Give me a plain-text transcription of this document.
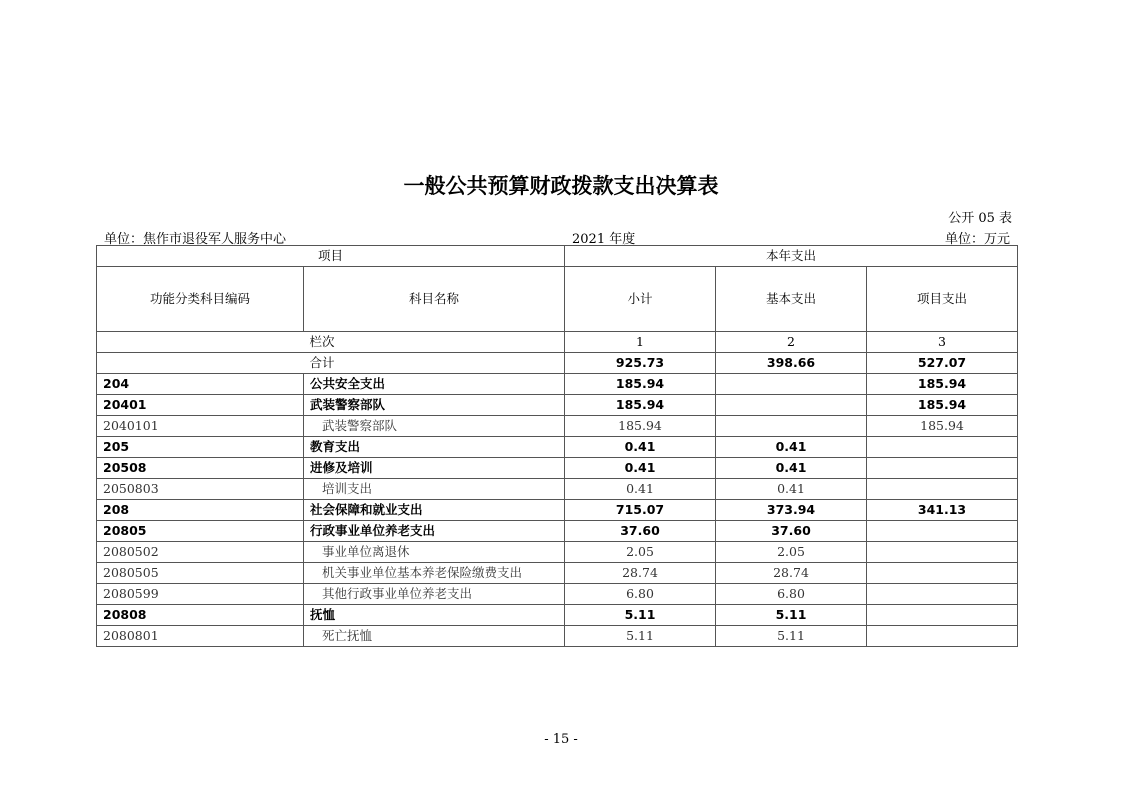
一般公共预算财政拨款支出决算表
公开 05 表
单位：焦作市退役军人服务中心	2021 年度	单位：万元
项目		本年支出		
功能分类科目编码	科目名称	小计	基本支出	项目支出
	栏次	1	2	3
	合计	925.73	398.66	527.07
204	公共安全支出	185.94		185.94
20401	武装警察部队	185.94		185.94
2040101	武装警察部队	185.94		185.94
205	教育支出	0.41	0.41	
20508	进修及培训	0.41	0.41	
2050803	培训支出	0.41	0.41	
208	社会保障和就业支出	715.07	373.94	341.13
20805	行政事业单位养老支出	37.60	37.60	
2080502	事业单位离退休	2.05	2.05	
2080505	机关事业单位基本养老保险缴费支出	28.74	28.74	
2080599	其他行政事业单位养老支出	6.80	6.80	
20808	抚恤	5.11	5.11	
2080801	死亡抚恤	5.11	5.11	
- 15 -
